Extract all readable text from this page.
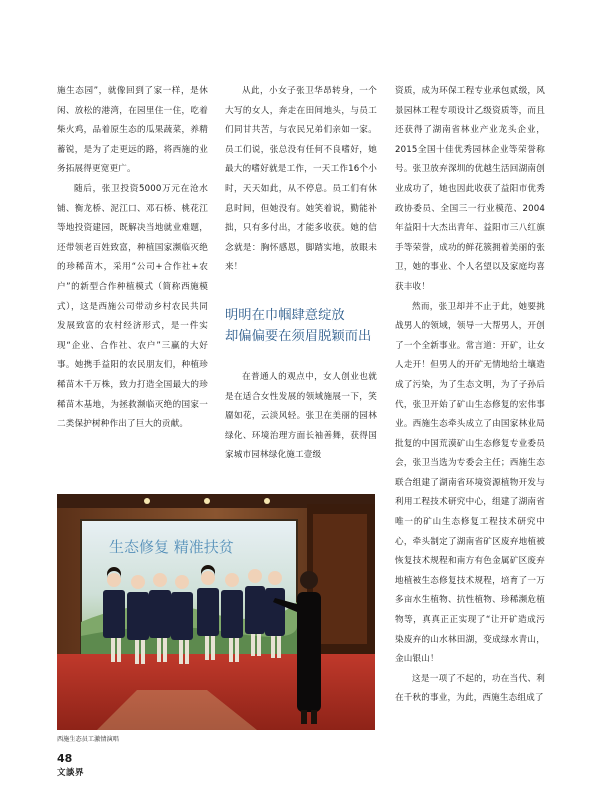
施生态园”，就像回到了家一样，是休闲、放松的港湾，在园里住一住，吃着柴火鸡，品着原生态的瓜果蔬菜，养精蓄锐，是为了走更远的路，将西施的业务拓展得更宽更广。

随后，张卫投资5000万元在沧水铺、衡龙桥、泥江口、邓石桥、桃花江等地投资建园，既解决当地就业难题，还带领老百姓致富，种植国家濒临灭绝的珍稀苗木，采用“公司+合作社+农户”的新型合作种植模式（简称西施模式），这是西施公司带动乡村农民共同发展致富的农村经济形式，是一件实现“企业、合作社、农户”三赢的大好事。她携手益阳的农民朋友们，种植珍稀苗木千万株，致力打造全国最大的珍稀苗木基地，为拯救濒临灭绝的国家一二类保护树种作出了巨大的贡献。

从此，小女子张卫华昂转身，一个大写的女人，奔走在田间地头，与员工们同甘共苦，与农民兄弟们亲如一家。员工们说，张总没有任何不良嗜好，她最大的嗜好就是工作，一天工作16个小时，天天如此，从不停息。员工们有休息时间，但她没有。她笑着说，勤能补拙，只有多付出，才能多收获。她的信念就是：胸怀感恩，脚踏实地，放眼未来！

明明在巾帼肆意绽放
却偏偏要在须眉脱颖而出

在普通人的观点中，女人创业也就是在适合女性发展的领域施展一下，笑靥如花，云淡风轻。张卫在美丽的园林绿化、环境治理方面长袖善舞，获得国家城市园林绿化施工壹级

资质，成为环保工程专业承包贰级，风景园林工程专项设计乙级资质等，而且还获得了湖南省林业产业龙头企业，2015全国十佳优秀园林企业等荣誉称号。张卫放弃深圳的优越生活回湖南创业成功了，她也因此收获了益阳市优秀政协委员、全国三一行业模范、2004年益阳十大杰出青年、益阳市三八红旗手等荣誉，成功的鲜花簇拥着美丽的张卫，她的事业、个人名望以及家庭均喜获丰收！

然而，张卫却并不止于此，她要挑战男人的领域，领导一大帮男人，开创了一个全新事业。常言道：开矿，让女人走开！但男人的开矿无情地给土壤造成了污染，为了生态文明，为了子孙后代，张卫开始了矿山生态修复的宏伟事业。西施生态牵头成立了由国家林业局批复的中国荒漠矿山生态修复专业委员会，张卫当选为专委会主任；西施生态联合组建了湖南省环境资源植物开发与利用工程技术研究中心，组建了湖南省唯一的矿山生态修复工程技术研究中心，牵头制定了湖南省矿区废弃地植被恢复技术规程和南方有色金属矿区废弃地植被生态修复技术规程，培育了一万多亩水生植物、抗性植物、珍稀濒危植物等，真真正正实现了“让开矿造成污染废弃的山水林田湖，变成绿水青山，金山银山！

这是一项了不起的，功在当代、利在千秋的事业，为此，西施生态组成了

生态修复 精准扶贫
西施生态员工激情演唱
48
文談界
